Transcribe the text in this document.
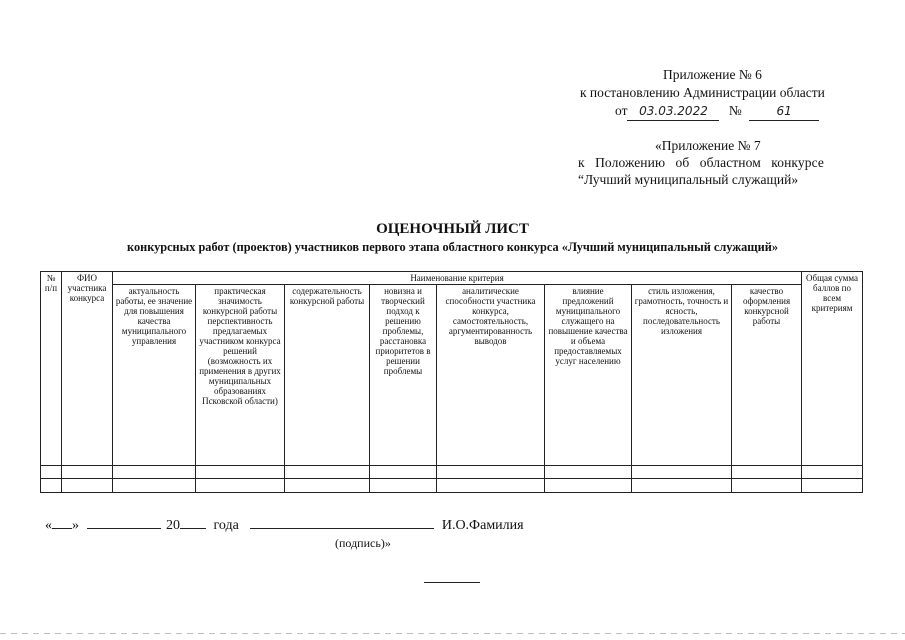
Приложение № 6
к постановлению Администрации области
от 03.03.2022 №	61
«Приложение № 7
к   Положению   об   областном   конкурсе
“Лучший муниципальный служащий»
ОЦЕНОЧНЫЙ ЛИСТ
конкурсных работ (проектов) участников первого этапа областного конкурса «Лучший муниципальный служащий»
№ п/п	ФИО участника конкурса	Наименование критерия								Общая сумма баллов по всем критериям
		актуальность работы, ее значение для повышения качества муниципального управления	практическая значимость конкурсной работы перспективность предлагаемых участником конкурса решений (возможность их применения в других муниципальных образованиях Псковской области)	содержательность конкурсной работы	новизна и творческий подход к решению проблемы, расстановка приоритетов в решении проблемы	аналитические способности участника конкурса, самостоятельность, аргументированность выводов	влияние предложений муниципального служащего на повышение качества и объема предоставляемых услуг населению	стиль изложения, грамотность, точность и ясность, последовательность изложения	качество оформления конкурсной работы	

« »	20 года	И.О.Фамилия
(подпись)»
